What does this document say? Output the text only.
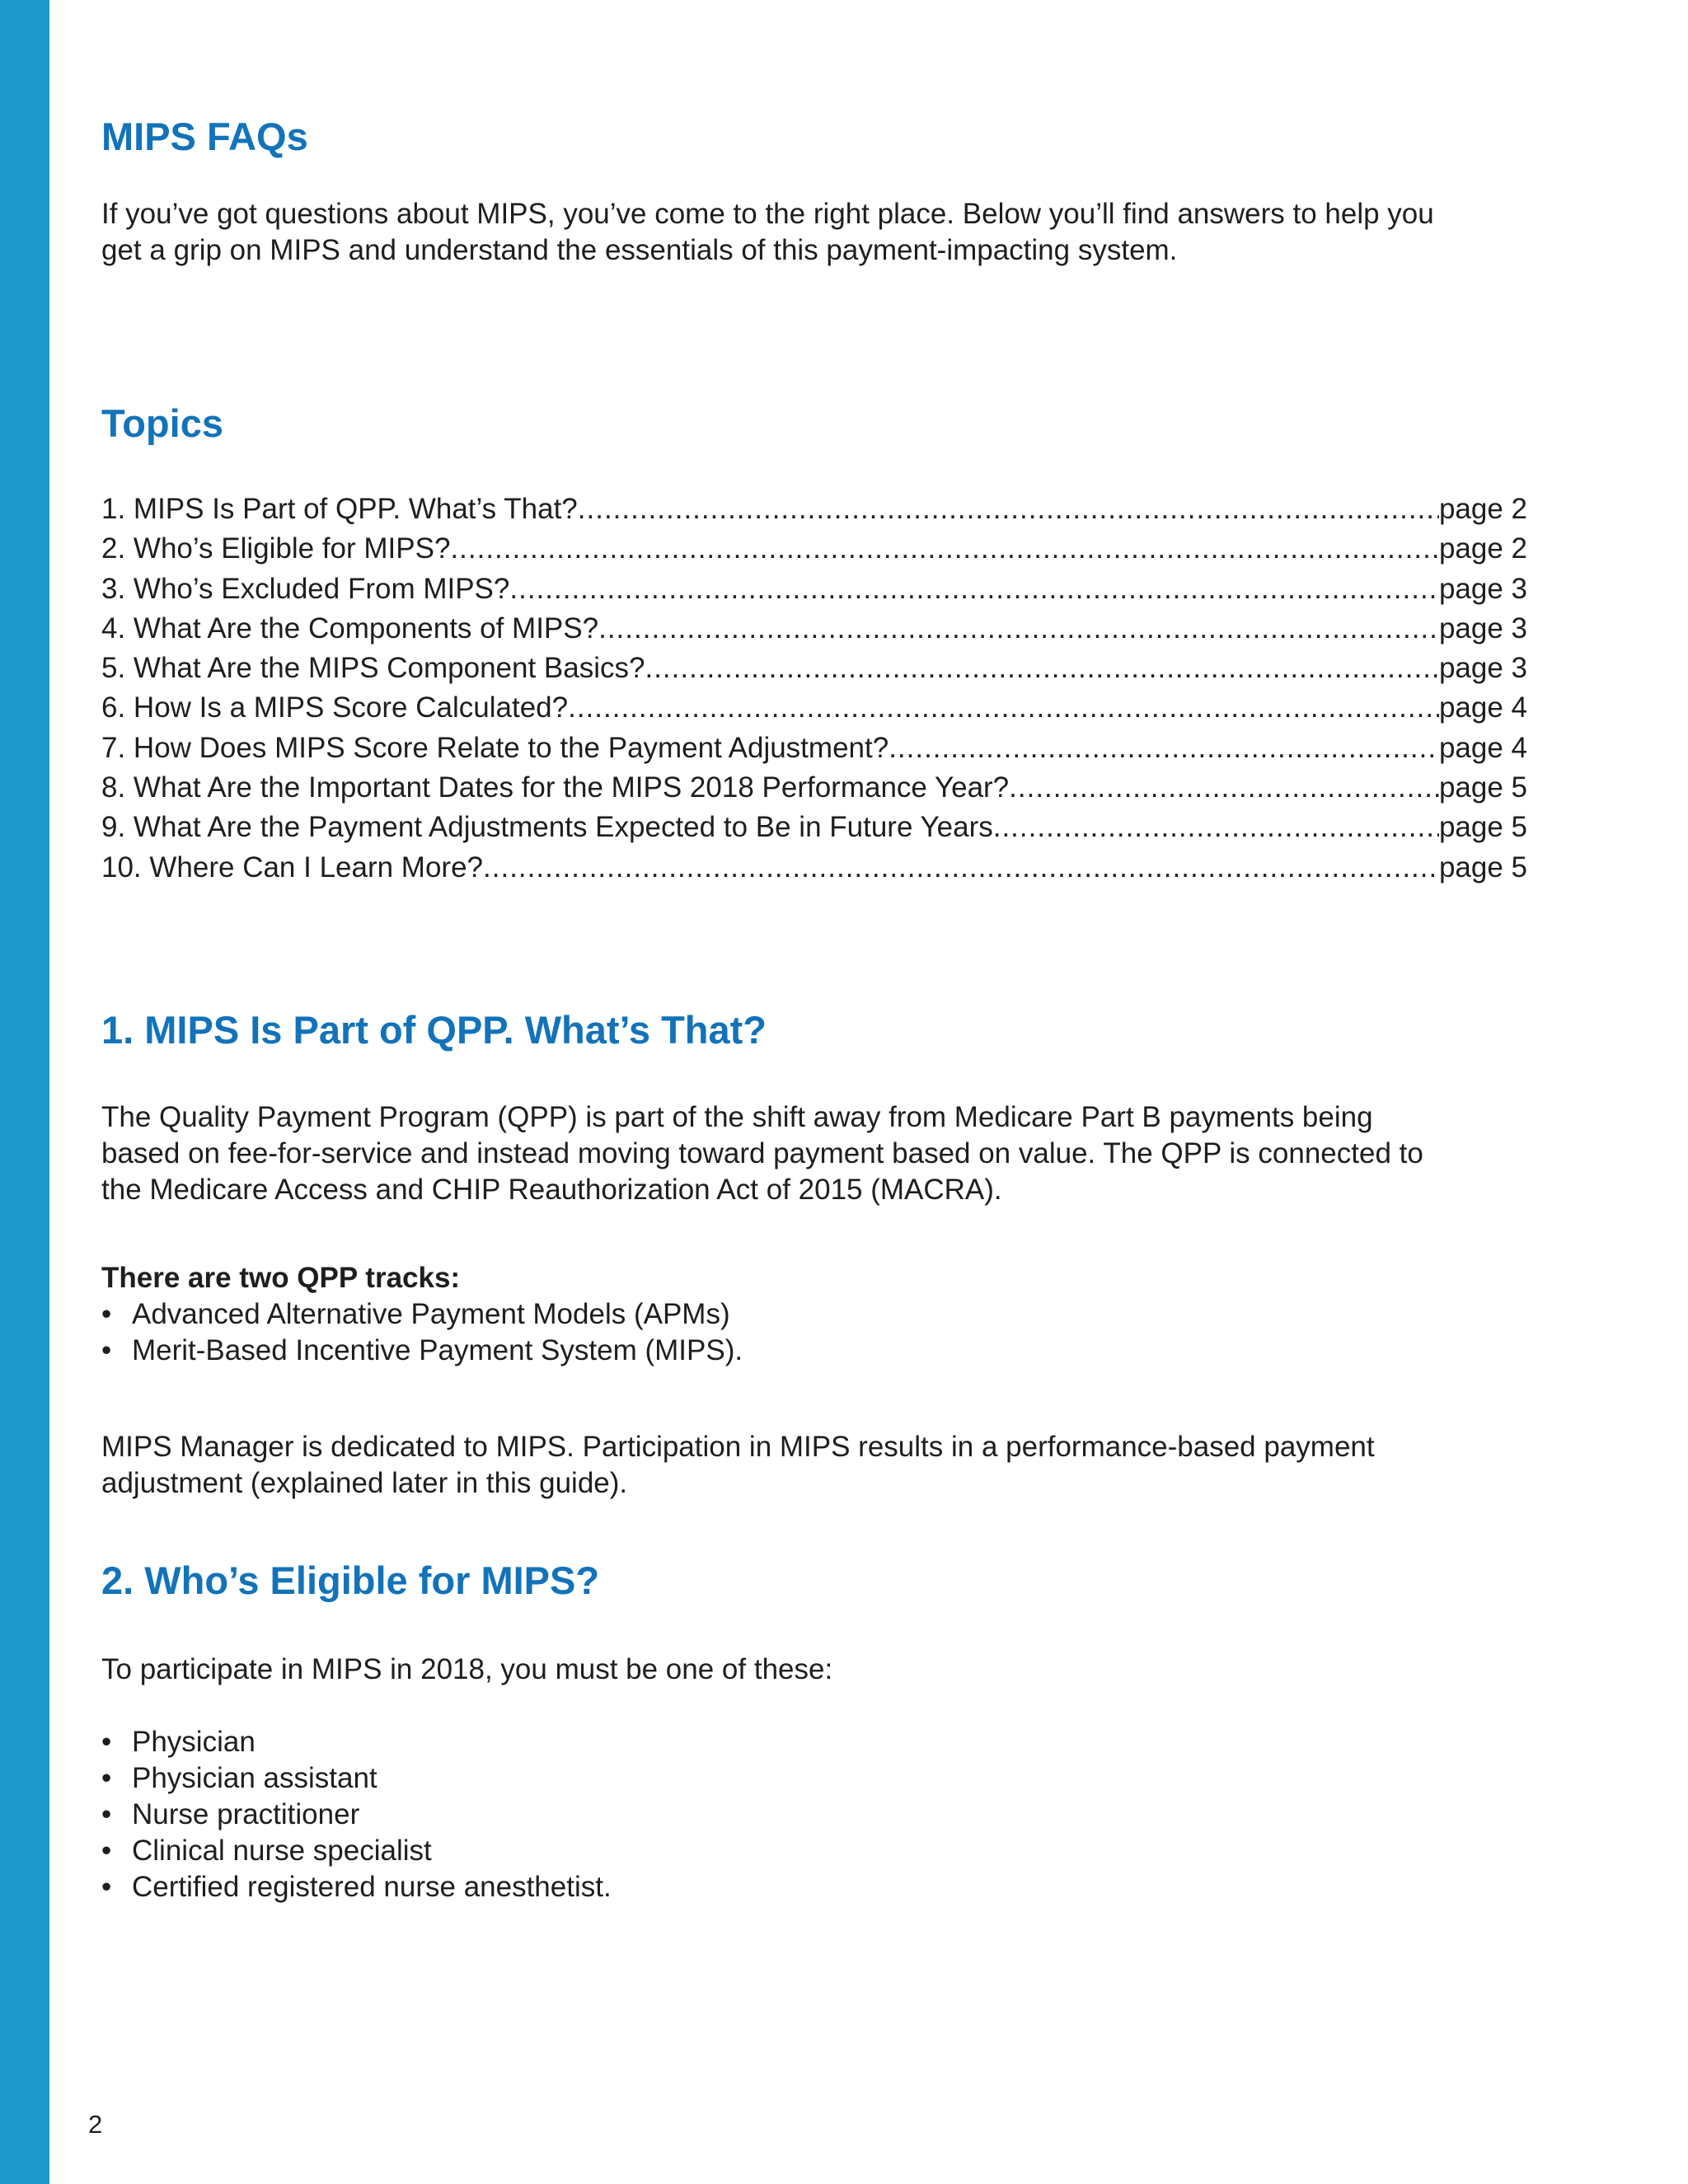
MIPS FAQs
If you’ve got questions about MIPS, you’ve come to the right place. Below you’ll find answers to help you
get a grip on MIPS and understand the essentials of this payment-impacting system.
Topics
1. MIPS Is Part of QPP. What’s That? .....	page 2
2. Who’s Eligible for MIPS? .....	page 2
3. Who’s Excluded From MIPS? .....	page 3
4. What Are the Components of MIPS? .....	page 3
5. What Are the MIPS Component Basics? .....	page 3
6. How Is a MIPS Score Calculated? .....	page 4
7. How Does MIPS Score Relate to the Payment Adjustment? .....	page 4
8. What Are the Important Dates for the MIPS 2018 Performance Year? .....	page 5
9. What Are the Payment Adjustments Expected to Be in Future Years .....	page 5
10. Where Can I Learn More? .....	page 5
1. MIPS Is Part of QPP. What’s That?
The Quality Payment Program (QPP) is part of the shift away from Medicare Part B payments being
based on fee-for-service and instead moving toward payment based on value. The QPP is connected to
the Medicare Access and CHIP Reauthorization Act of 2015 (MACRA).

There are two QPP tracks:

• Advanced Alternative Payment Models (APMs)
• Merit-Based Incentive Payment System (MIPS).
MIPS Manager is dedicated to MIPS. Participation in MIPS results in a performance-based payment
adjustment (explained later in this guide).
2. Who’s Eligible for MIPS?

To participate in MIPS in 2018, you must be one of these:

• Physician
• Physician assistant
• Nurse practitioner
• Clinical nurse specialist
• Certified registered nurse anesthetist.
2
